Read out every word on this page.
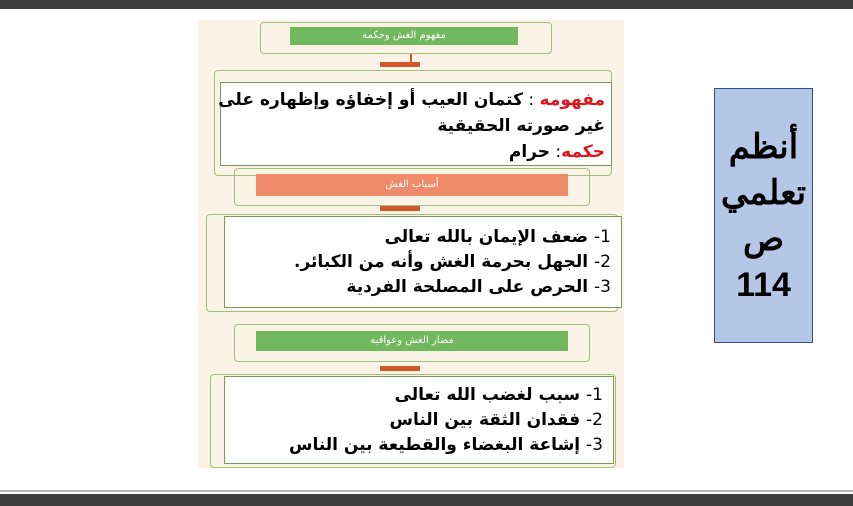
مفهوم الغش وحكمه
مفهومه : كتمان العيب أو إخفاؤه وإظهاره على
غير صورته الحقيقية
حكمه: حرام
أسباب الغش
1- ضعف الإيمان بالله تعالى
2- الجهل بحرمة الغش وأنه من الكبائر.
3- الحرص على المصلحة الفردية
مضار الغش وعواقبه
1- سبب لغضب الله تعالى
2- فقدان الثقة بين الناس
3- إشاعة البغضاء والقطيعة بين الناس
أنظم
تعلمي
ص
114
